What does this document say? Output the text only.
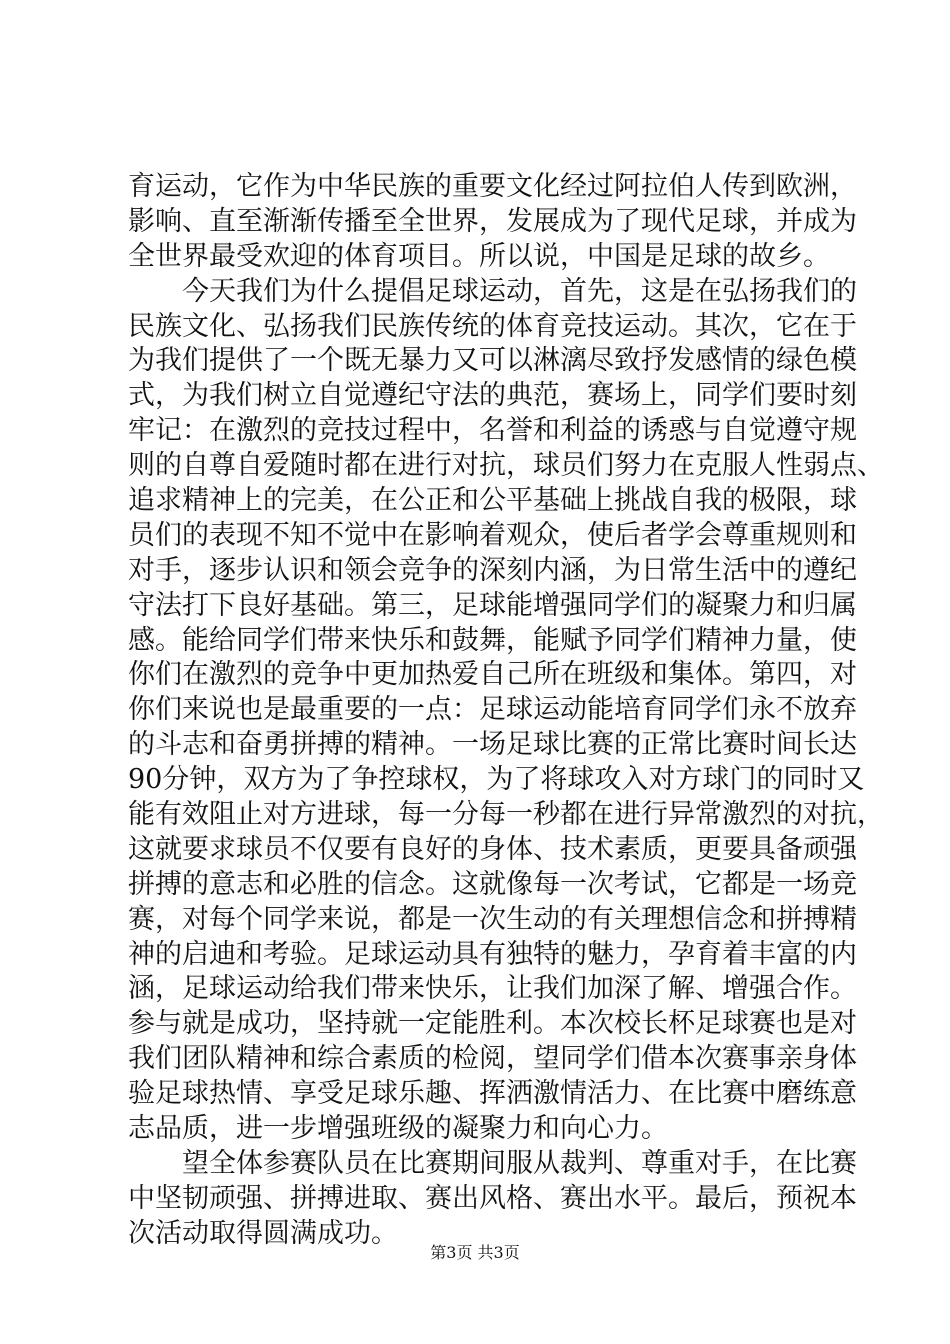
育运动，它作为中华民族的重要文化经过阿拉伯人传到欧洲，
影响、直至渐渐传播至全世界，发展成为了现代足球，并成为
全世界最受欢迎的体育项目。所以说，中国是足球的故乡。
今天我们为什么提倡足球运动，首先，这是在弘扬我们的
民族文化、弘扬我们民族传统的体育竞技运动。其次，它在于
为我们提供了一个既无暴力又可以淋漓尽致抒发感情的绿色模
式，为我们树立自觉遵纪守法的典范，赛场上，同学们要时刻
牢记：在激烈的竞技过程中，名誉和利益的诱惑与自觉遵守规
则的自尊自爱随时都在进行对抗，球员们努力在克服人性弱点、
追求精神上的完美，在公正和公平基础上挑战自我的极限，球
员们的表现不知不觉中在影响着观众，使后者学会尊重规则和
对手，逐步认识和领会竞争的深刻内涵，为日常生活中的遵纪
守法打下良好基础。第三，足球能增强同学们的凝聚力和归属
感。能给同学们带来快乐和鼓舞，能赋予同学们精神力量，使
你们在激烈的竞争中更加热爱自己所在班级和集体。第四，对
你们来说也是最重要的一点：足球运动能培育同学们永不放弃
的斗志和奋勇拼搏的精神。一场足球比赛的正常比赛时间长达
90分钟，双方为了争控球权，为了将球攻入对方球门的同时又
能有效阻止对方进球，每一分每一秒都在进行异常激烈的对抗，
这就要求球员不仅要有良好的身体、技术素质，更要具备顽强
拼搏的意志和必胜的信念。这就像每一次考试，它都是一场竞
赛，对每个同学来说，都是一次生动的有关理想信念和拼搏精
神的启迪和考验。足球运动具有独特的魅力，孕育着丰富的内
涵，足球运动给我们带来快乐，让我们加深了解、增强合作。
参与就是成功，坚持就一定能胜利。本次校长杯足球赛也是对
我们团队精神和综合素质的检阅，望同学们借本次赛事亲身体
验足球热情、享受足球乐趣、挥洒激情活力、在比赛中磨练意
志品质，进一步增强班级的凝聚力和向心力。
望全体参赛队员在比赛期间服从裁判、尊重对手，在比赛
中坚韧顽强、拼搏进取、赛出风格、赛出水平。最后，预祝本
次活动取得圆满成功。
第3页 共3页
